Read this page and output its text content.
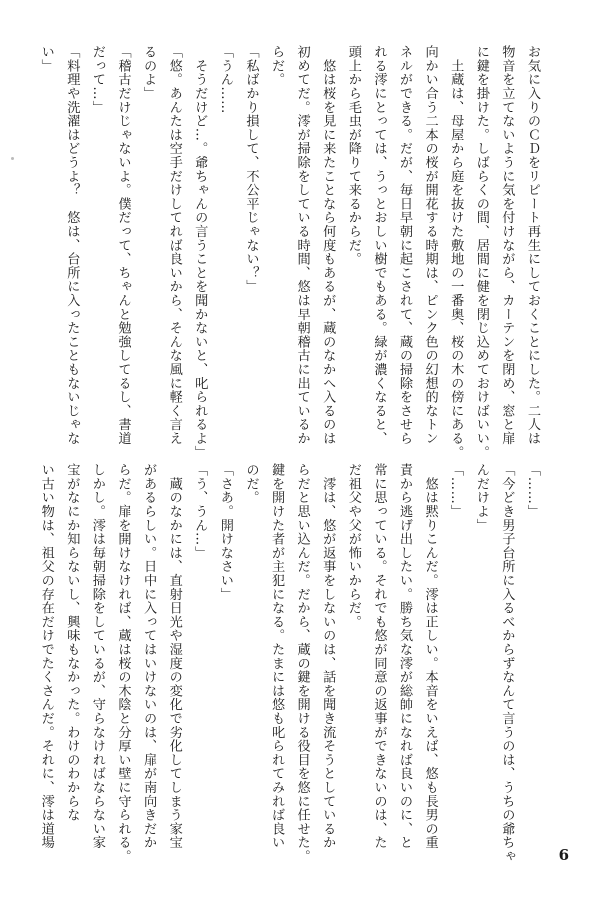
お気に入りのＣＤをリピート再生にしておくことにした。二人は
物音を立てないように気を付けながら、カーテンを閉め、窓と扉
に鍵を掛けた。しばらくの間、居間に健を閉じ込めておけばいい。
　土蔵は、母屋から庭を抜けた敷地の一番奥、桜の木の傍にある。
向かい合う二本の桜が開花する時期は、ピンク色の幻想的なトン
ネルができる。だが、毎日早朝に起こされて、蔵の掃除をさせら
れる澪にとっては、うっとおしい樹でもある。緑が濃くなると、
頭上から毛虫が降りて来るからだ。
　悠は桜を見に来たことなら何度もあるが、蔵のなかへ入るのは
初めてだ。澪が掃除をしている時間、悠は早朝稽古に出ているか
らだ。
「私ばかり損して、不公平じゃない？」
「うん……
　そうだけど…。爺ちゃんの言うことを聞かないと、叱られるよ」
「悠。あんたは空手だけしてれば良いから、そんな風に軽く言え
るのよ」
「稽古だけじゃないよ。僕だって、ちゃんと勉強してるし、書道
だって…」
「料理や洗濯はどうよ？　悠は、台所に入ったこともないじゃな
い」
「……」
「今どき男子台所に入るべからずなんて言うのは、うちの爺ちゃ
んだけよ」
「……」
　悠は黙りこんだ。澪は正しい。本音をいえば、悠も長男の重
責から逃げ出したい。勝ち気な澪が総帥になれば良いのに、と
常に思っている。それでも悠が同意の返事ができないのは、た
だ祖父や父が怖いからだ。
　澪は、悠が返事をしないのは、話を聞き流そうとしているか
らだと思い込んだ。だから、蔵の鍵を開ける役目を悠に任せた。
鍵を開けた者が主犯になる。たまには悠も叱られてみれば良い
のだ。
「さあ。開けなさい」
「う、うん…」
　蔵のなかには、直射日光や湿度の変化で劣化してしまう家宝
があるらしい。日中に入ってはいけないのは、扉が南向きだか
らだ。扉を開けなければ、蔵は桜の木陰と分厚い壁に守られる。
しかし。澪は毎朝掃除をしているが、守らなければならない家
宝がなにか知らないし、興味もなかった。わけのわからな
い古い物は、祖父の存在だけでたくさんだ。それに、澪は道場
6
